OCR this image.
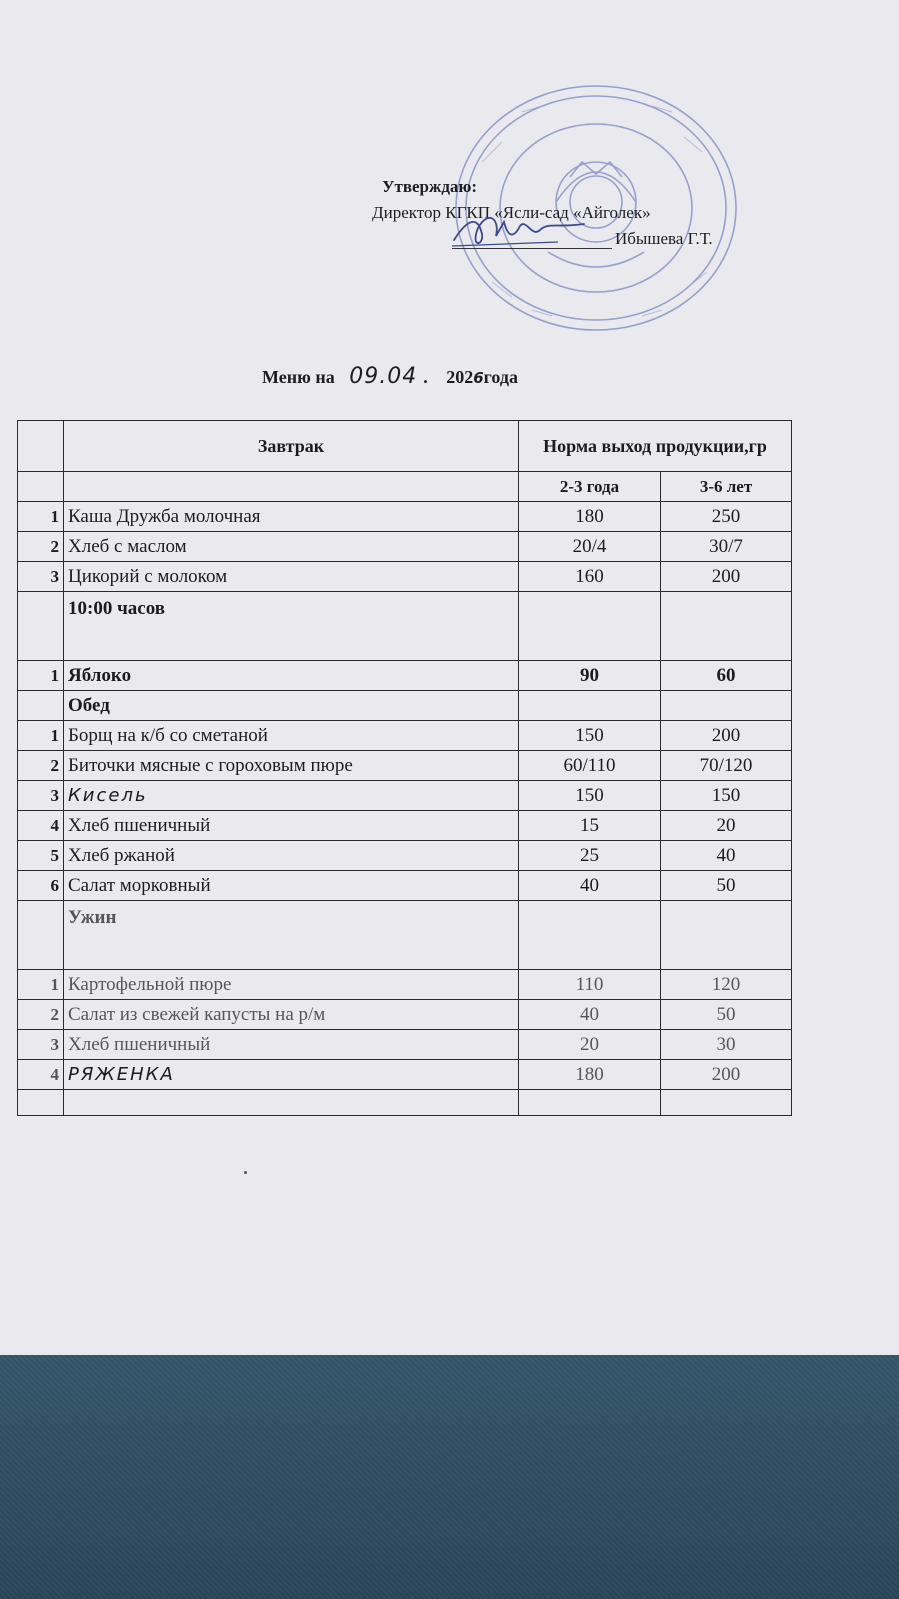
Утверждаю:
Директор КГКП «Ясли-сад «Айголек»
Ибышева Г.Т.
Меню на 09.04 . 2026года
	Завтрак	Норма выход продукции,гр	
		2-3 года	3-6 лет
1	Каша Дружба молочная	180	250
2	Хлеб с маслом	20/4	30/7
3	Цикорий с молоком	160	200
	10:00 часов		
1	Яблоко	90	60
	Обед		
1	Борщ на к/б со сметаной	150	200
2	Биточки мясные с гороховым пюре	60/110	70/120
3	Кисель	150	150
4	Хлеб пшеничный	15	20
5	Хлеб ржаной	25	40
6	Салат морковный	40	50
	Ужин		
1	Картофельной пюре	110	120
2	Салат из свежей капусты на р/м	40	50
3	Хлеб пшеничный	20	30
4	РЯЖЕНКА	180	200
